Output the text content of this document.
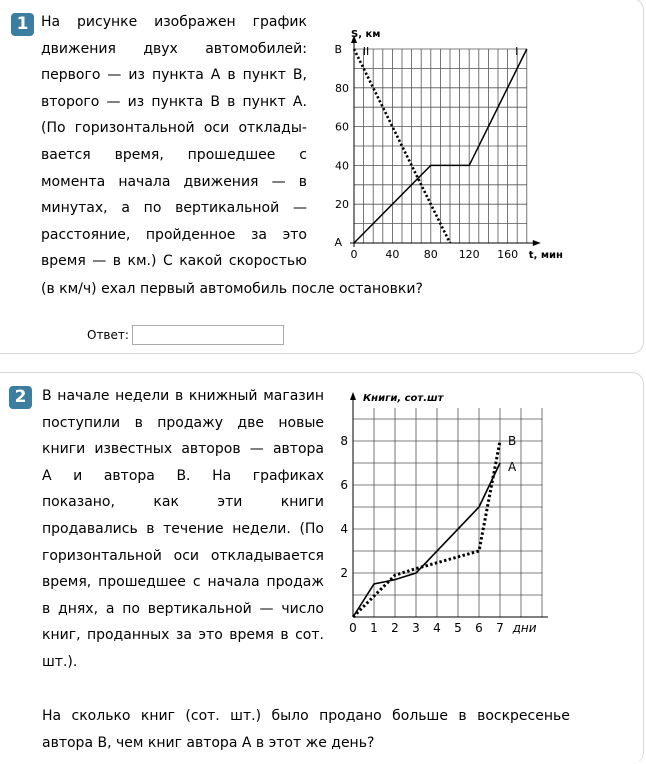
1 На рисунке изображен график
движения двух автомобилей:
первого — из пункта А в пункт В,
второго — из пункта В в пункт А.
(По горизонтальной оси отклады-
вается время, прошедшее с
момента начала движения — в
минутах, а по вертикальной —
расстояние, пройденное за это
время — в км.) С какой скоростью
(в км/ч) ехал первый автомобиль после остановки?
S, км
t, мин
0	40 80 120 160
20
40
60
80
А
В	I
II
Ответ:
2	В начале недели в книжный магазин
поступили в продажу две новые
книги известных авторов — автора
А и автора В. На графиках
показано,	как	эти	книги
продавались в течение недели. (По
горизонтальной оси откладывается
время, прошедшее с начала продаж
в днях, а по вертикальной — число
книг, проданных за это время в сот.
шт.).
На сколько книг (сот. шт.) было продано больше в воскресенье
автора В, чем книг автора А в этот же день?
Книги, сот.шт
дни
0 1 2 3 4 5 6 7
2
4
6
8
А
В
